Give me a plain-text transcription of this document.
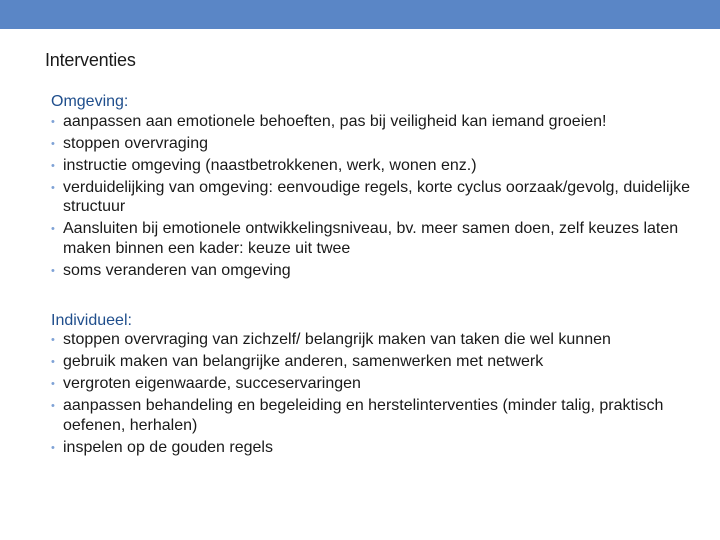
Interventies
Omgeving:
• aanpassen aan emotionele behoeften, pas bij veiligheid kan iemand groeien!
• stoppen overvraging
• instructie omgeving (naastbetrokkenen, werk, wonen enz.)
• verduidelijking van omgeving: eenvoudige regels, korte cyclus oorzaak/gevolg, duidelijke structuur
• Aansluiten bij emotionele ontwikkelingsniveau, bv. meer samen doen, zelf keuzes laten maken binnen een kader: keuze uit twee
• soms veranderen van omgeving
Individueel:
• stoppen overvraging van zichzelf/ belangrijk maken van taken die wel kunnen
• gebruik maken van belangrijke anderen, samenwerken met netwerk
• vergroten eigenwaarde, succeservaringen
• aanpassen behandeling en begeleiding en herstelinterventies (minder talig, praktisch oefenen, herhalen)
• inspelen op de gouden regels
